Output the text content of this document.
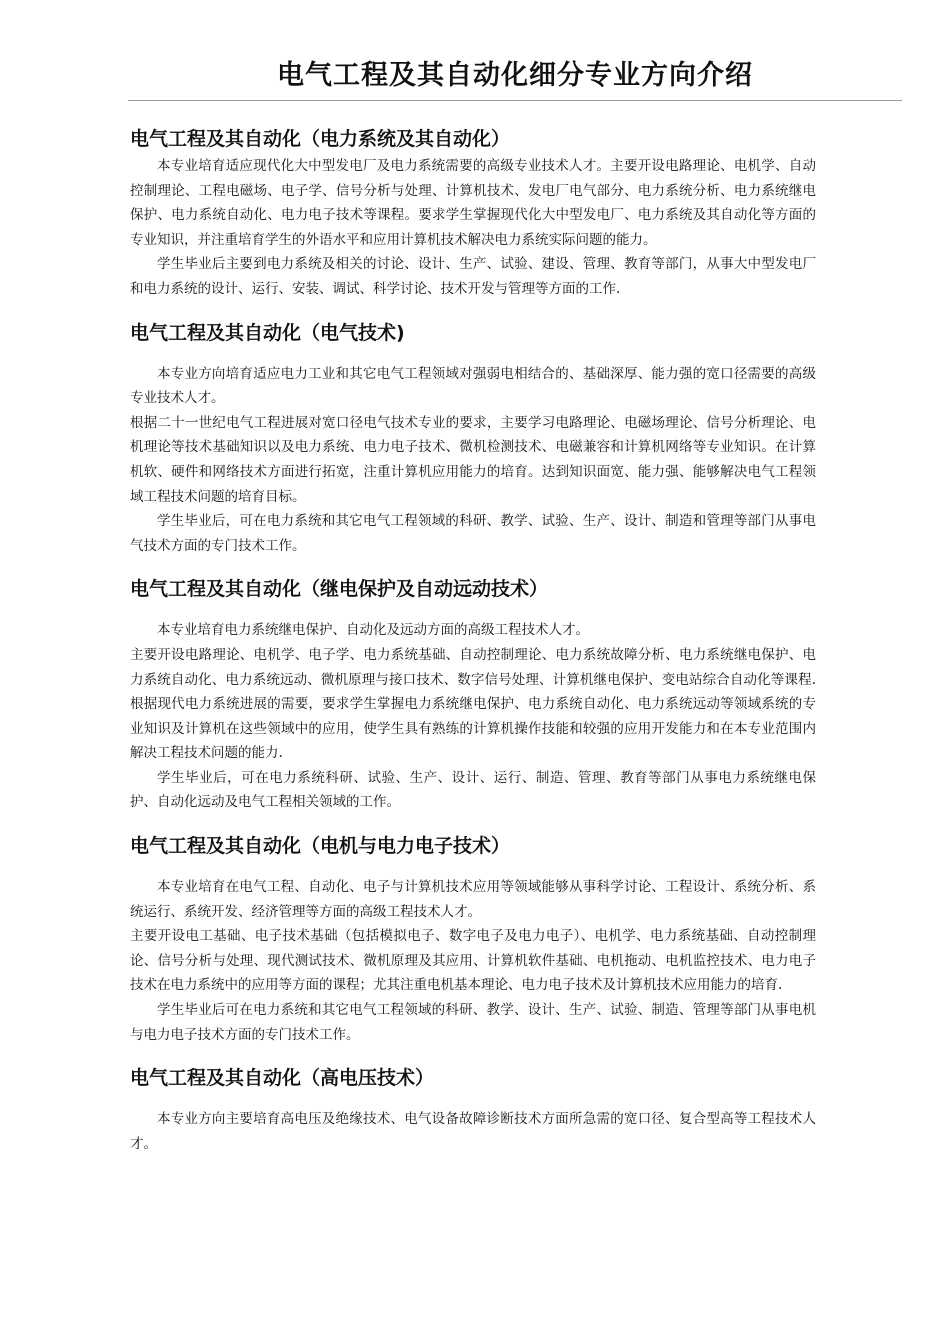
电气工程及其自动化细分专业方向介绍
电气工程及其自动化（电力系统及其自动化）

本专业培育适应现代化大中型发电厂及电力系统需要的高级专业技术人才。主要开设电路理论、电机学、自动控制理论、工程电磁场、电子学、信号分析与处理、计算机技术、发电厂电气部分、电力系统分析、电力系统继电保护、电力系统自动化、电力电子技术等课程。要求学生掌握现代化大中型发电厂、电力系统及其自动化等方面的专业知识，并注重培育学生的外语水平和应用计算机技术解决电力系统实际问题的能力。

学生毕业后主要到电力系统及相关的讨论、设计、生产、试验、建设、管理、教育等部门，从事大中型发电厂和电力系统的设计、运行、安装、调试、科学讨论、技术开发与管理等方面的工作.

电气工程及其自动化（电气技术)

本专业方向培育适应电力工业和其它电气工程领域对强弱电相结合的、基础深厚、能力强的宽口径需要的高级专业技术人才。

根据二十一世纪电气工程进展对宽口径电气技术专业的要求，主要学习电路理论、电磁场理论、信号分析理论、电机理论等技术基础知识以及电力系统、电力电子技术、微机检测技术、电磁兼容和计算机网络等专业知识。在计算机软、硬件和网络技术方面进行拓宽，注重计算机应用能力的培育。达到知识面宽、能力强、能够解决电气工程领域工程技术问题的培育目标。

学生毕业后，可在电力系统和其它电气工程领域的科研、教学、试验、生产、设计、制造和管理等部门从事电气技术方面的专门技术工作。

电气工程及其自动化（继电保护及自动远动技术）

本专业培育电力系统继电保护、自动化及远动方面的高级工程技术人才。

主要开设电路理论、电机学、电子学、电力系统基础、自动控制理论、电力系统故障分析、电力系统继电保护、电力系统自动化、电力系统远动、微机原理与接口技术、数字信号处理、计算机继电保护、变电站综合自动化等课程.根据现代电力系统进展的需要，要求学生掌握电力系统继电保护、电力系统自动化、电力系统远动等领域系统的专业知识及计算机在这些领域中的应用，使学生具有熟练的计算机操作技能和较强的应用开发能力和在本专业范围内解决工程技术问题的能力.

学生毕业后，可在电力系统科研、试验、生产、设计、运行、制造、管理、教育等部门从事电力系统继电保护、自动化远动及电气工程相关领域的工作。

电气工程及其自动化（电机与电力电子技术）

本专业培育在电气工程、自动化、电子与计算机技术应用等领域能够从事科学讨论、工程设计、系统分析、系统运行、系统开发、经济管理等方面的高级工程技术人才。

主要开设电工基础、电子技术基础（包括模拟电子、数字电子及电力电子）、电机学、电力系统基础、自动控制理论、信号分析与处理、现代测试技术、微机原理及其应用、计算机软件基础、电机拖动、电机监控技术、电力电子技术在电力系统中的应用等方面的课程；尤其注重电机基本理论、电力电子技术及计算机技术应用能力的培育.

学生毕业后可在电力系统和其它电气工程领域的科研、教学、设计、生产、试验、制造、管理等部门从事电机与电力电子技术方面的专门技术工作。

电气工程及其自动化（高电压技术）

本专业方向主要培育高电压及绝缘技术、电气设备故障诊断技术方面所急需的宽口径、复合型高等工程技术人才。
